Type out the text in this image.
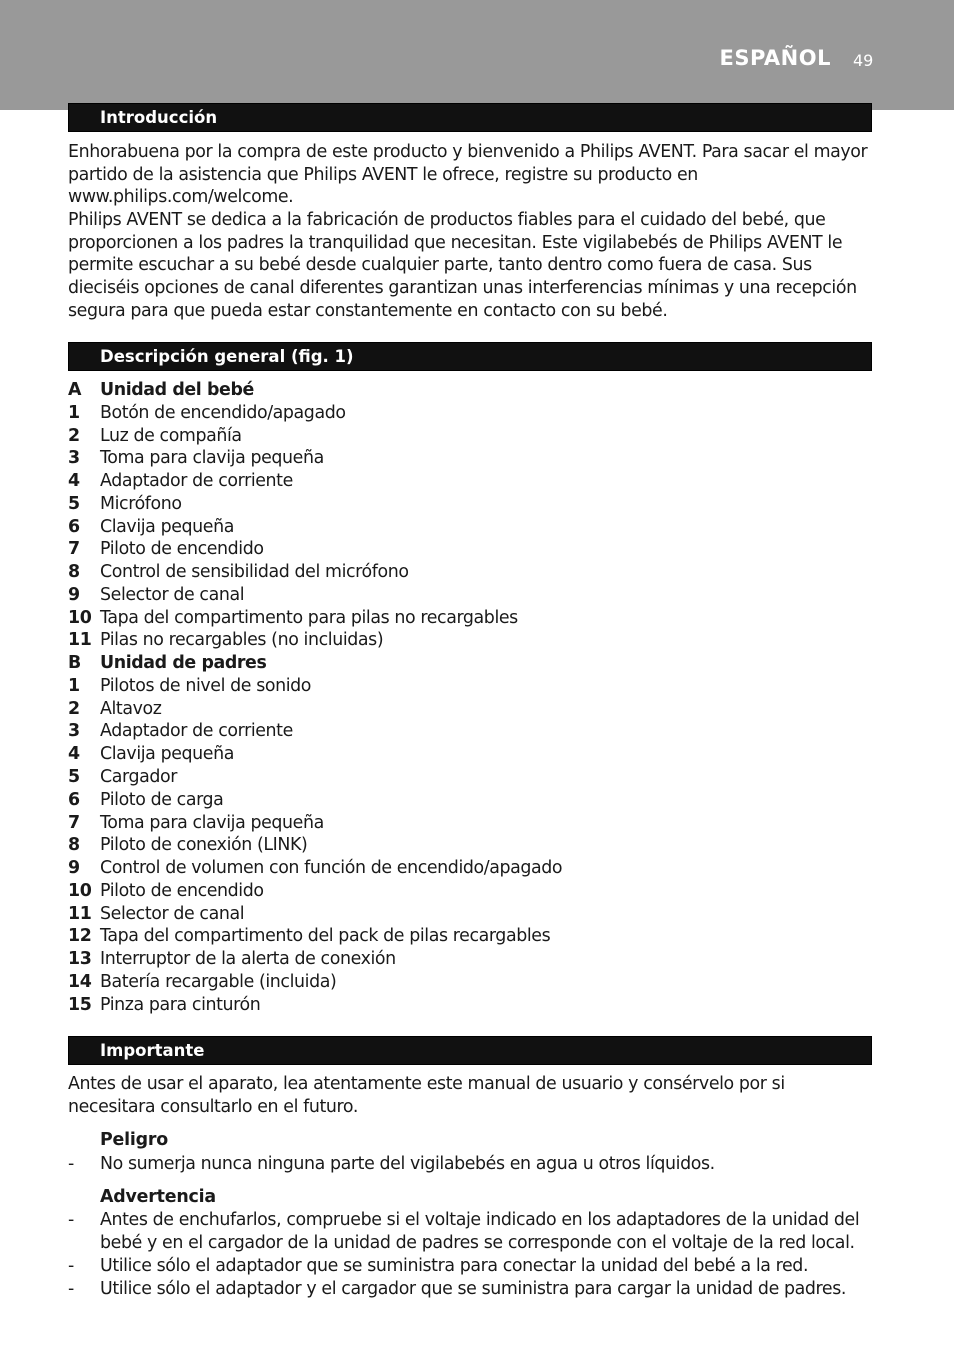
ESPAÑOL 49
Introducción

Enhorabuena por la compra de este producto y bienvenido a Philips AVENT. Para sacar el mayor partido de la asistencia que Philips AVENT le ofrece, registre su producto en www.philips.com/welcome.

Philips AVENT se dedica a la fabricación de productos fiables para el cuidado del bebé, que proporcionen a los padres la tranquilidad que necesitan. Este vigilabebés de Philips AVENT le permite escuchar a su bebé desde cualquier parte, tanto dentro como fuera de casa. Sus dieciséis opciones de canal diferentes garantizan unas interferencias mínimas y una recepción segura para que pueda estar constantemente en contacto con su bebé.

Descripción general (fig. 1)
A Unidad del bebé
1 Botón de encendido/apagado
2 Luz de compañía
3 Toma para clavija pequeña
4 Adaptador de corriente
5 Micrófono
6 Clavija pequeña
7 Piloto de encendido
8 Control de sensibilidad del micrófono
9 Selector de canal
10 Tapa del compartimento para pilas no recargables
11 Pilas no recargables (no incluidas)
B Unidad de padres
1 Pilotos de nivel de sonido
2 Altavoz
3 Adaptador de corriente
4 Clavija pequeña
5 Cargador
6 Piloto de carga
7 Toma para clavija pequeña
8 Piloto de conexión (LINK)
9 Control de volumen con función de encendido/apagado
10 Piloto de encendido
11 Selector de canal
12 Tapa del compartimento del pack de pilas recargables
13 Interruptor de la alerta de conexión
14 Batería recargable (incluida)
15 Pinza para cinturón
Importante

Antes de usar el aparato, lea atentamente este manual de usuario y consérvelo por si necesitara consultarlo en el futuro.

Peligro
- No sumerja nunca ninguna parte del vigilabebés en agua u otros líquidos.
Advertencia
- Antes de enchufarlos, compruebe si el voltaje indicado en los adaptadores de la unidad del bebé y en el cargador de la unidad de padres se corresponde con el voltaje de la red local.
- Utilice sólo el adaptador que se suministra para conectar la unidad del bebé a la red.
- Utilice sólo el adaptador y el cargador que se suministra para cargar la unidad de padres.
